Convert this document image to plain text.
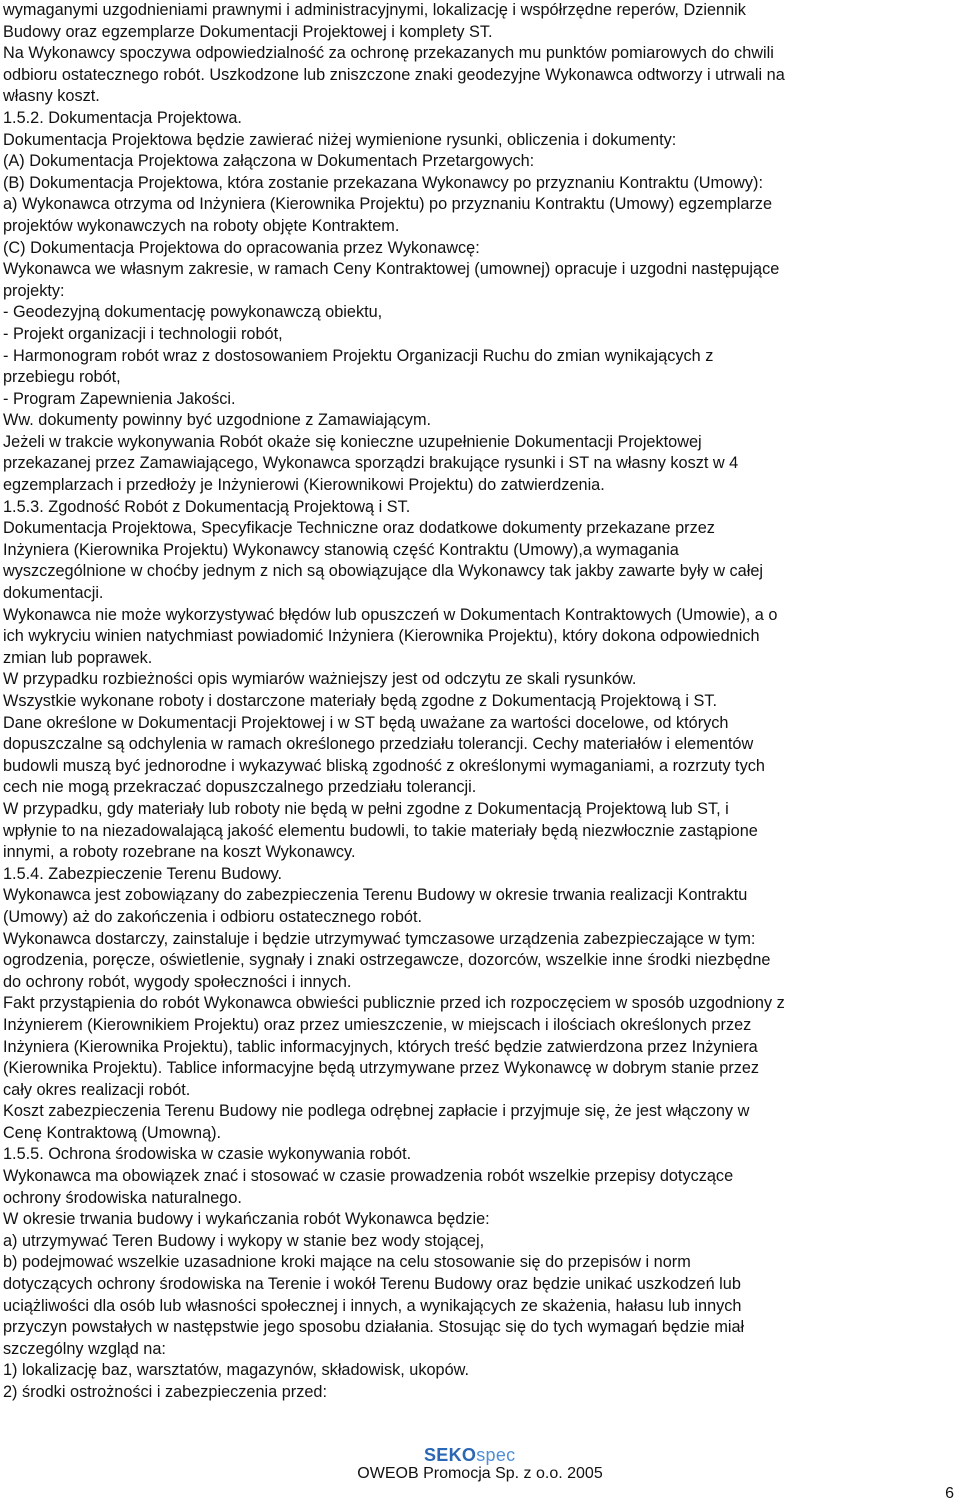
wymaganymi uzgodnieniami prawnymi i administracyjnymi, lokalizację i współrzędne reperów, Dziennik

Budowy oraz egzemplarze Dokumentacji Projektowej i komplety ST.

Na Wykonawcy spoczywa odpowiedzialność za ochronę przekazanych mu punktów pomiarowych do chwili

odbioru ostatecznego robót. Uszkodzone lub zniszczone znaki geodezyjne Wykonawca odtworzy i utrwali na

własny koszt.

1.5.2. Dokumentacja Projektowa.

Dokumentacja Projektowa będzie zawierać niżej wymienione rysunki, obliczenia i dokumenty:

(A) Dokumentacja Projektowa załączona w Dokumentach Przetargowych:

(B) Dokumentacja Projektowa, która zostanie przekazana Wykonawcy po przyznaniu Kontraktu (Umowy):

a) Wykonawca otrzyma od Inżyniera (Kierownika Projektu) po przyznaniu Kontraktu (Umowy) egzemplarze

projektów wykonawczych na roboty objęte Kontraktem.

(C) Dokumentacja Projektowa do opracowania przez Wykonawcę:

Wykonawca we własnym zakresie, w ramach Ceny Kontraktowej (umownej) opracuje i uzgodni następujące

projekty:

- Geodezyjną dokumentację powykonawczą obiektu,

- Projekt organizacji i technologii robót,

- Harmonogram robót wraz z dostosowaniem Projektu Organizacji Ruchu do zmian wynikających z

przebiegu robót,

- Program Zapewnienia Jakości.

Ww. dokumenty powinny być uzgodnione z Zamawiającym.

Jeżeli w trakcie wykonywania Robót okaże się konieczne uzupełnienie Dokumentacji Projektowej

przekazanej przez Zamawiającego, Wykonawca sporządzi brakujące rysunki i ST na własny koszt w 4

egzemplarzach i przedłoży je Inżynierowi (Kierownikowi Projektu) do zatwierdzenia.

1.5.3. Zgodność Robót z Dokumentacją Projektową i ST.

Dokumentacja Projektowa, Specyfikacje Techniczne oraz dodatkowe dokumenty przekazane przez

Inżyniera (Kierownika Projektu) Wykonawcy stanowią część Kontraktu (Umowy),a wymagania

wyszczególnione w choćby jednym z nich są obowiązujące dla Wykonawcy tak jakby zawarte były w całej

dokumentacji.

Wykonawca nie może wykorzystywać błędów lub opuszczeń w Dokumentach Kontraktowych (Umowie), a o

ich wykryciu winien natychmiast powiadomić Inżyniera (Kierownika Projektu), który dokona odpowiednich

zmian lub poprawek.

W przypadku rozbieżności opis wymiarów ważniejszy jest od odczytu ze skali rysunków.

Wszystkie wykonane roboty i dostarczone materiały będą zgodne z Dokumentacją Projektową i ST.

Dane określone w Dokumentacji Projektowej i w ST będą uważane za wartości docelowe, od których

dopuszczalne są odchylenia w ramach określonego przedziału tolerancji. Cechy materiałów i elementów

budowli muszą być jednorodne i wykazywać bliską zgodność z określonymi wymaganiami, a rozrzuty tych

cech nie mogą przekraczać dopuszczalnego przedziału tolerancji.

W przypadku, gdy materiały lub roboty nie będą w pełni zgodne z Dokumentacją Projektową lub ST, i

wpłynie to na niezadowalającą jakość elementu budowli, to takie materiały będą niezwłocznie zastąpione

innymi, a roboty rozebrane na koszt Wykonawcy.

1.5.4. Zabezpieczenie Terenu Budowy.

Wykonawca jest zobowiązany do zabezpieczenia Terenu Budowy w okresie trwania realizacji Kontraktu

(Umowy) aż do zakończenia i odbioru ostatecznego robót.

Wykonawca dostarczy, zainstaluje i będzie utrzymywać tymczasowe urządzenia zabezpieczające w tym:

ogrodzenia, poręcze, oświetlenie, sygnały i znaki ostrzegawcze, dozorców, wszelkie inne środki niezbędne

do ochrony robót, wygody społeczności i innych.

Fakt przystąpienia do robót Wykonawca obwieści publicznie przed ich rozpoczęciem w sposób uzgodniony z

Inżynierem (Kierownikiem Projektu) oraz przez umieszczenie, w miejscach i ilościach określonych przez

Inżyniera (Kierownika Projektu), tablic informacyjnych, których treść będzie zatwierdzona przez Inżyniera

(Kierownika Projektu). Tablice informacyjne będą utrzymywane przez Wykonawcę w dobrym stanie przez

cały okres realizacji robót.

Koszt zabezpieczenia Terenu Budowy nie podlega odrębnej zapłacie i przyjmuje się, że jest włączony w

Cenę Kontraktową (Umowną).

1.5.5. Ochrona środowiska w czasie wykonywania robót.

Wykonawca ma obowiązek znać i stosować w czasie prowadzenia robót wszelkie przepisy dotyczące

ochrony środowiska naturalnego.

W okresie trwania budowy i wykańczania robót Wykonawca będzie:

a) utrzymywać Teren Budowy i wykopy w stanie bez wody stojącej,

b) podejmować wszelkie uzasadnione kroki mające na celu stosowanie się do przepisów i norm

dotyczących ochrony środowiska na Terenie i wokół Terenu Budowy oraz będzie unikać uszkodzeń lub

uciążliwości dla osób lub własności społecznej i innych, a wynikających ze skażenia, hałasu lub innych

przyczyn powstałych w następstwie jego sposobu działania. Stosując się do tych wymagań będzie miał

szczególny wzgląd na:

1) lokalizację baz, warsztatów, magazynów, składowisk, ukopów.

2) środki ostrożności i zabezpieczenia przed:

SEKOspec
OWEOB Promocja Sp. z o.o. 2005
6
